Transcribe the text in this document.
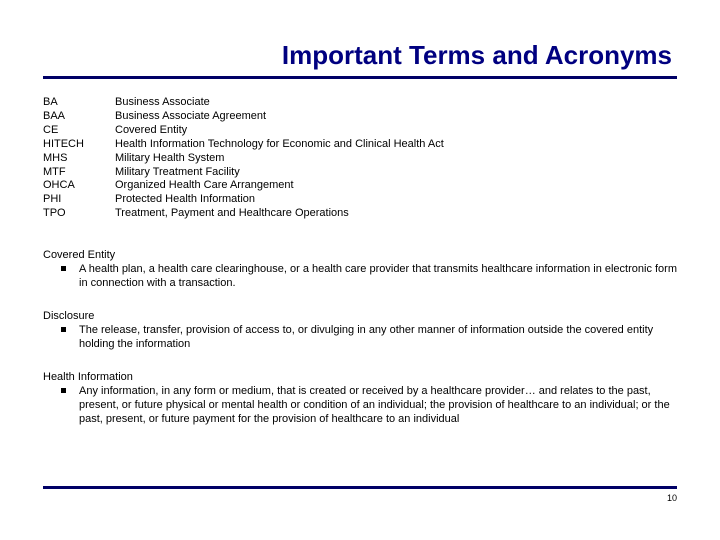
Important Terms and Acronyms
BA
BAA
CE
HITECH
MHS
MTF
OHCA
PHI
TPO
Business Associate
Business Associate Agreement
Covered Entity
Health Information Technology for Economic and Clinical Health Act
Military Health System
Military Treatment Facility
Organized Health Care Arrangement
Protected Health Information
Treatment, Payment and Healthcare Operations
Covered Entity
A health plan, a health care clearinghouse, or a health care provider that transmits healthcare information in electronic form in connection with a transaction.
Disclosure
The release, transfer, provision of access to, or divulging in any other manner of information outside the covered entity holding the information
Health Information
Any information, in any form or medium, that is created or received by a healthcare provider… and relates to the past, present, or future physical or mental health or condition of an individual; the provision of healthcare to an individual; or the past, present, or future payment for the provision of healthcare to an individual
10
